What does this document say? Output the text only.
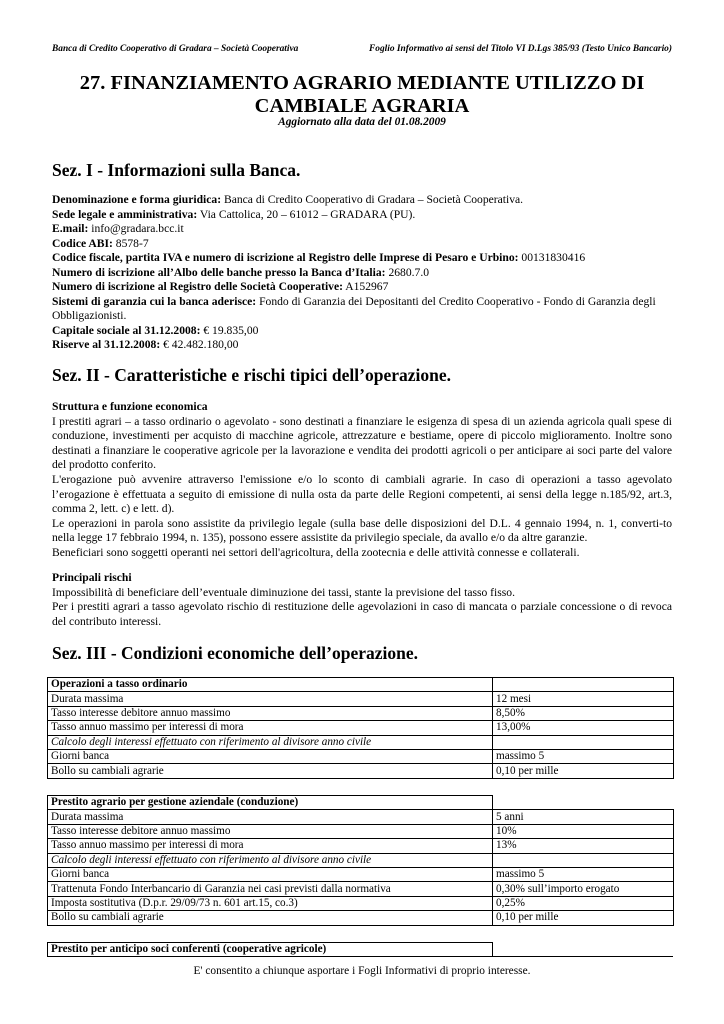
Banca di Credito Cooperativo di Gradara – Società Cooperativa	Foglio Informativo ai sensi del Titolo VI D.Lgs 385/93 (Testo Unico Bancario)
27. FINANZIAMENTO AGRARIO MEDIANTE UTILIZZO DI
CAMBIALE AGRARIA
Aggiornato alla data del 01.08.2009
Sez. I - Informazioni sulla Banca.
Denominazione e forma giuridica: Banca di Credito Cooperativo di Gradara – Società Cooperativa.
Sede legale e amministrativa: Via Cattolica, 20 – 61012 – GRADARA (PU).
E.mail: info@gradara.bcc.it
Codice ABI: 8578-7
Codice fiscale, partita IVA e numero di iscrizione al Registro delle Imprese di Pesaro e Urbino: 00131830416
Numero di iscrizione all’Albo delle banche presso la Banca d’Italia: 2680.7.0
Numero di iscrizione al Registro delle Società Cooperative: A152967
Sistemi di garanzia cui la banca aderisce: Fondo di Garanzia dei Depositanti del Credito Cooperativo - Fondo di Garanzia degli Obbligazionisti.
Capitale sociale al 31.12.2008: € 19.835,00
Riserve al 31.12.2008: € 42.482.180,00
Sez. II - Caratteristiche e rischi tipici dell’operazione.
Struttura e funzione economica
I prestiti agrari – a tasso ordinario o agevolato - sono destinati a finanziare le esigenza di spesa di un azienda agricola quali spese di conduzione, investimenti per acquisto di macchine agricole, attrezzature e bestiame, opere di piccolo miglioramento. Inoltre sono destinati a finanziare le cooperative agricole per la lavorazione e vendita dei prodotti agricoli o per anticipare ai soci parte del valore del prodotto conferito.
L'erogazione può avvenire attraverso l'emissione e/o lo sconto di cambiali agrarie. In caso di operazioni a tasso agevolato l’erogazione è effettuata a seguito di emissione di nulla osta da parte delle Regioni competenti, ai sensi della legge n.185/92, art.3, comma 2, lett. c) e lett. d).
Le operazioni in parola sono assistite da privilegio legale (sulla base delle disposizioni del D.L. 4 gennaio 1994, n. 1, converti-to nella legge 17 febbraio 1994, n. 135), possono essere assistite da privilegio speciale, da avallo e/o da altre garanzie.
Beneficiari sono soggetti operanti nei settori dell'agricoltura, della zootecnia e delle attività connesse e collaterali.
Principali rischi
Impossibilità di beneficiare dell’eventuale diminuzione dei tassi, stante la previsione del tasso fisso.
Per i prestiti agrari a tasso agevolato rischio di restituzione delle agevolazioni in caso di mancata o parziale concessione o di revoca del contributo interessi.
Sez. III - Condizioni economiche dell’operazione.
Operazioni a tasso ordinario	
Durata massima	12 mesi
Tasso interesse debitore annuo massimo	8,50%
Tasso annuo massimo per interessi di mora	13,00%
Calcolo degli interessi effettuato con riferimento al divisore anno civile	
Giorni banca	massimo 5
Bollo su cambiali agrarie	0,10 per mille
Prestito agrario per gestione aziendale (conduzione)	
Durata massima	5 anni
Tasso interesse debitore annuo massimo	10%
Tasso annuo massimo per interessi di mora	13%
Calcolo degli interessi effettuato con riferimento al divisore anno civile	
Giorni banca	massimo 5
Trattenuta Fondo Interbancario di Garanzia nei casi previsti dalla normativa	0,30% sull’importo erogato
Imposta sostitutiva (D.p.r. 29/09/73 n. 601 art.15, co.3)	0,25%
Bollo su cambiali agrarie	0,10 per mille
Prestito per anticipo soci conferenti (cooperative agricole)	
E' consentito a chiunque asportare i Fogli Informativi di proprio interesse.
